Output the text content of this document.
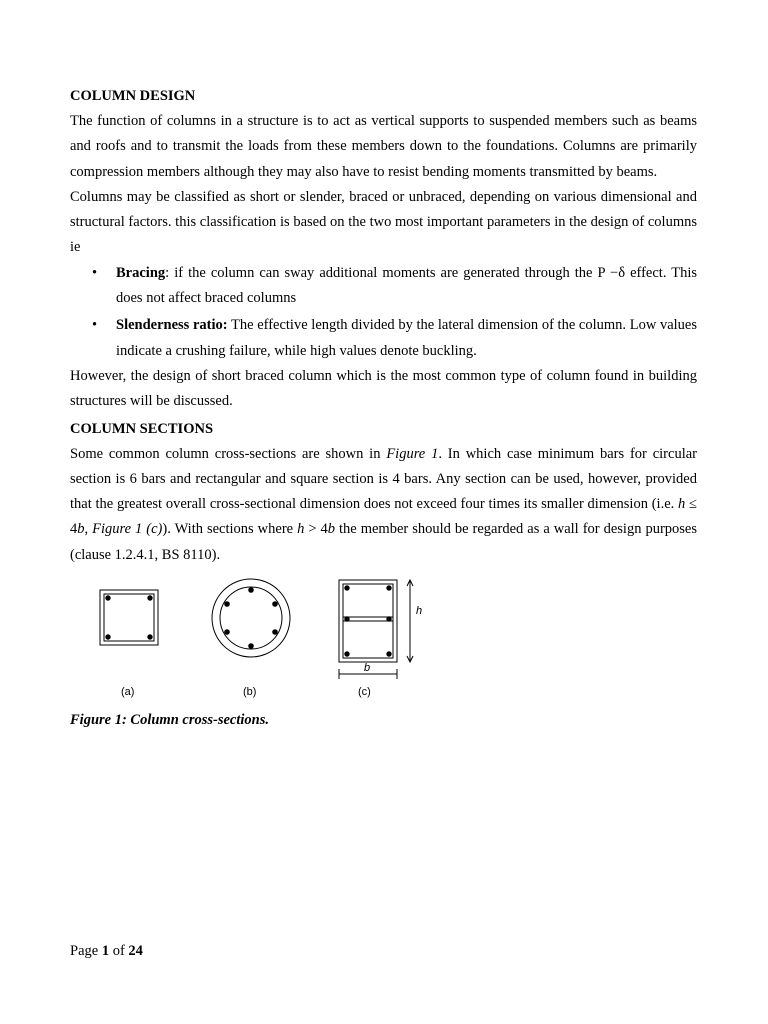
COLUMN DESIGN

The function of columns in a structure is to act as vertical supports to suspended members such as beams and roofs and to transmit the loads from these members down to the foundations. Columns are primarily compression members although they may also have to resist bending moments transmitted by beams.

Columns may be classified as short or slender, braced or unbraced, depending on various dimensional and structural factors. this classification is based on the two most important parameters in the design of columns ie

• Bracing: if the column can sway additional moments are generated through the P −δ effect. This does not affect braced columns
• Slenderness ratio: The effective length divided by the lateral dimension of the column. Low values indicate a crushing failure, while high values denote buckling.

However, the design of short braced column which is the most common type of column found in building structures will be discussed.

COLUMN SECTIONS

Some common column cross-sections are shown in Figure 1. In which case minimum bars for circular section is 6 bars and rectangular and square section is 4 bars. Any section can be used, however, provided that the greatest overall cross-sectional dimension does not exceed four times its smaller dimension (i.e. h ≤ 4b, Figure 1 (c)). With sections where h > 4b the member should be regarded as a wall for design purposes (clause 1.2.4.1, BS 8110).

h
b
(a)	(b)	(c)
Figure 1: Column cross-sections.
Page 1 of 24
